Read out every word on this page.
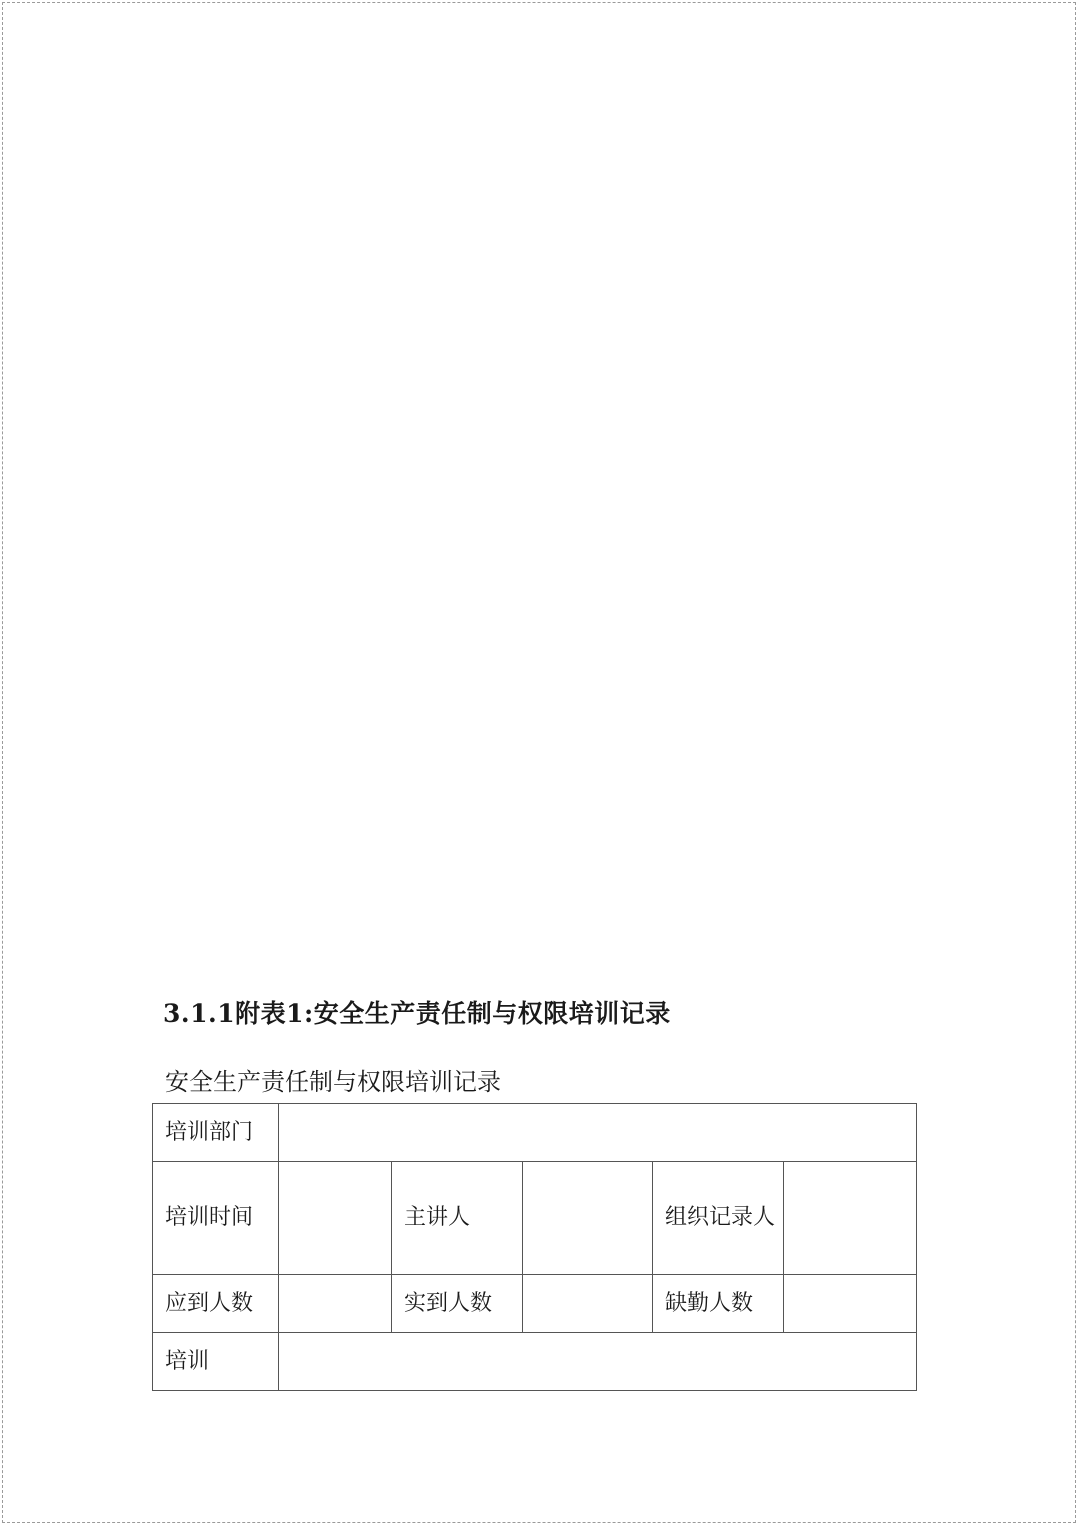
3.1.1附表1:安全生产责任制与权限培训记录
安全生产责任制与权限培训记录
培训部门					
培训时间		主讲人		组织记录人	

应到人数		实到人数		缺勤人数	
培训					
